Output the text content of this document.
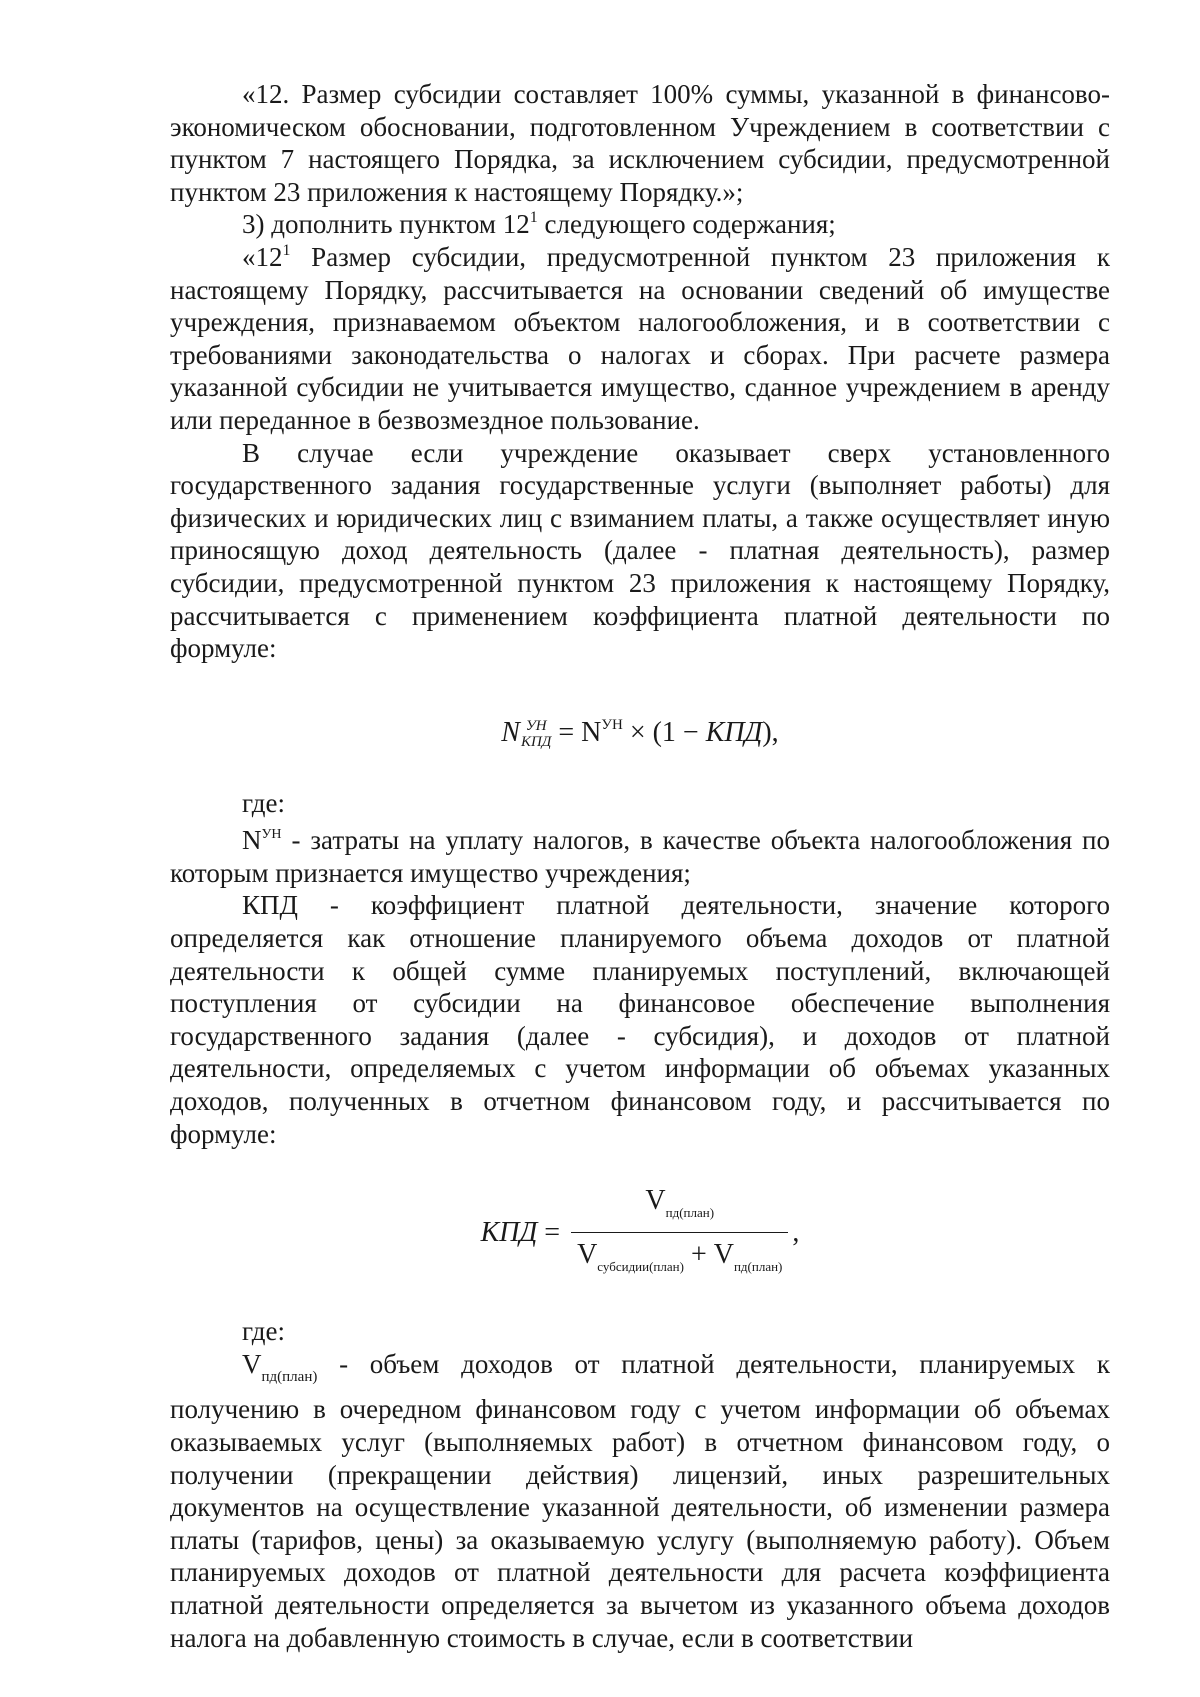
«12. Размер субсидии составляет 100% суммы, указанной в финансово-экономическом обосновании, подготовленном Учреждением в соответствии с пунктом 7 настоящего Порядка, за исключением субсидии, предусмотренной пунктом 23 приложения к настоящему Порядку.»;

3) дополнить пунктом $12^1$ следующего содержания;

«$12^1$ Размер субсидии, предусмотренной пунктом 23 приложения к настоящему Порядку, рассчитывается на основании сведений об имуществе учреждения, признаваемом объектом налогообложения, и в соответствии с требованиями законодательства о налогах и сборах. При расчете размера указанной субсидии не учитывается имущество, сданное учреждением в аренду или переданное в безвозмездное пользование.

В случае если учреждение оказывает сверх установленного государственного задания государственные услуги (выполняет работы) для физических и юридических лиц с взиманием платы, а также осуществляет иную приносящую доход деятельность (далее - платная деятельность), размер субсидии, предусмотренной пунктом 23 приложения к настоящему Порядку, рассчитывается с применением коэффициента платной деятельности по формуле:

N УН
КПД = $N^{УН} \times (1 - КПД)$,

где:

$N^{УН}$ - затраты на уплату налогов, в качестве объекта налогообложения по которым признается имущество учреждения;

КПД - коэффициент платной деятельности, значение которого определяется как отношение планируемого объема доходов от платной деятельности к общей сумме планируемых поступлений, включающей поступления от субсидии на финансовое обеспечение выполнения государственного задания (далее - субсидия), и доходов от платной деятельности, определяемых с учетом информации об объемах указанных доходов, полученных в отчетном финансовом году, и рассчитывается по формуле:

КПД = $\frac{V_{пд(план)}}{V_{субсидии(план)} + V_{пд(план)}}$ ,

где:

$V_{пд(план)}$ - объем доходов от платной деятельности, планируемых к получению в очередном финансовом году с учетом информации об объемах оказываемых услуг (выполняемых работ) в отчетном финансовом году, о получении (прекращении действия) лицензий, иных разрешительных документов на осуществление указанной деятельности, об изменении размера платы (тарифов, цены) за оказываемую услугу (выполняемую работу). Объем планируемых доходов от платной деятельности для расчета коэффициента платной деятельности определяется за вычетом из указанного объема доходов налога на добавленную стоимость в случае, если в соответствии
